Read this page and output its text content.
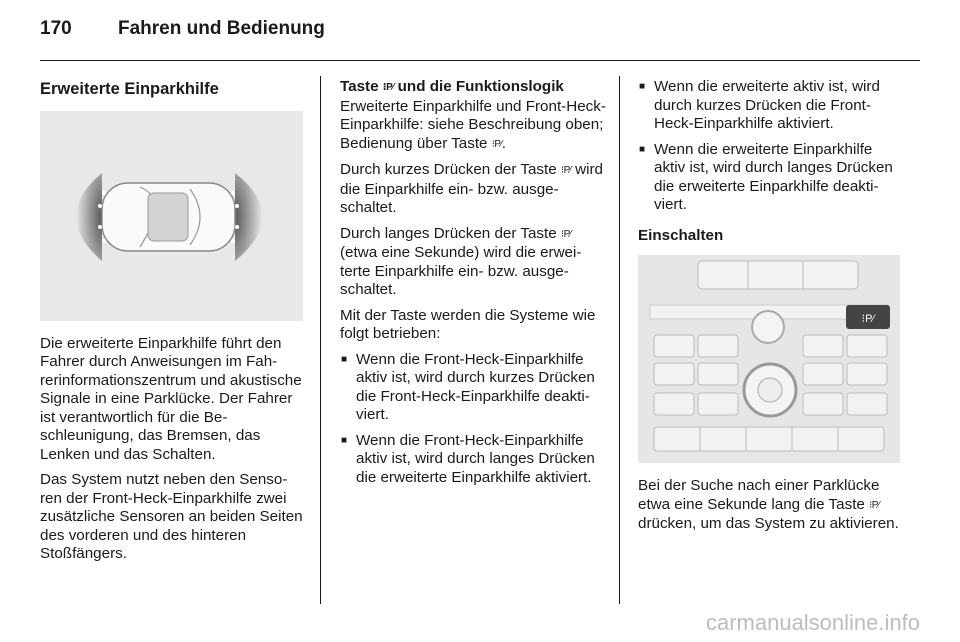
170 Fahren und Bedienung
Erweiterte Einparkhilfe

Die erweiterte Einparkhilfe führt den Fahrer durch Anweisungen im Fahrerinformationszentrum und akustische Signale in eine Parklücke. Der Fahrer ist verantwortlich für die Beschleunigung, das Bremsen, das Lenken und das Schalten.

Das System nutzt neben den Sensoren der Front-Heck-Einparkhilfe zwei zusätzliche Sensoren an beiden Seiten des vorderen und des hinteren Stoßfängers.

Taste ⁝P⁄ und die Funktionslogik

Erweiterte Einparkhilfe und Front-Heck-Einparkhilfe: siehe Beschreibung oben; Bedienung über Taste ⁝P⁄.

Durch kurzes Drücken der Taste ⁝P⁄ wird die Einparkhilfe ein- bzw. ausgeschaltet.

Durch langes Drücken der Taste ⁝P⁄ (etwa eine Sekunde) wird die erweiterte Einparkhilfe ein- bzw. ausgeschaltet.

Mit der Taste werden die Systeme wie folgt betrieben:

■ Wenn die Front-Heck-Einparkhilfe aktiv ist, wird durch kurzes Drücken die Front-Heck-Einparkhilfe deaktiviert.
■ Wenn die Front-Heck-Einparkhilfe aktiv ist, wird durch langes Drücken die erweiterte Einparkhilfe aktiviert.
■ Wenn die erweiterte aktiv ist, wird durch kurzes Drücken die Front-Heck-Einparkhilfe aktiviert.
■ Wenn die erweiterte Einparkhilfe aktiv ist, wird durch langes Drücken die erweiterte Einparkhilfe deaktiviert.
Einschalten
⁝P⁄

Bei der Suche nach einer Parklücke etwa eine Sekunde lang die Taste ⁝P⁄ drücken, um das System zu aktivieren.

carmanualsonline.info
